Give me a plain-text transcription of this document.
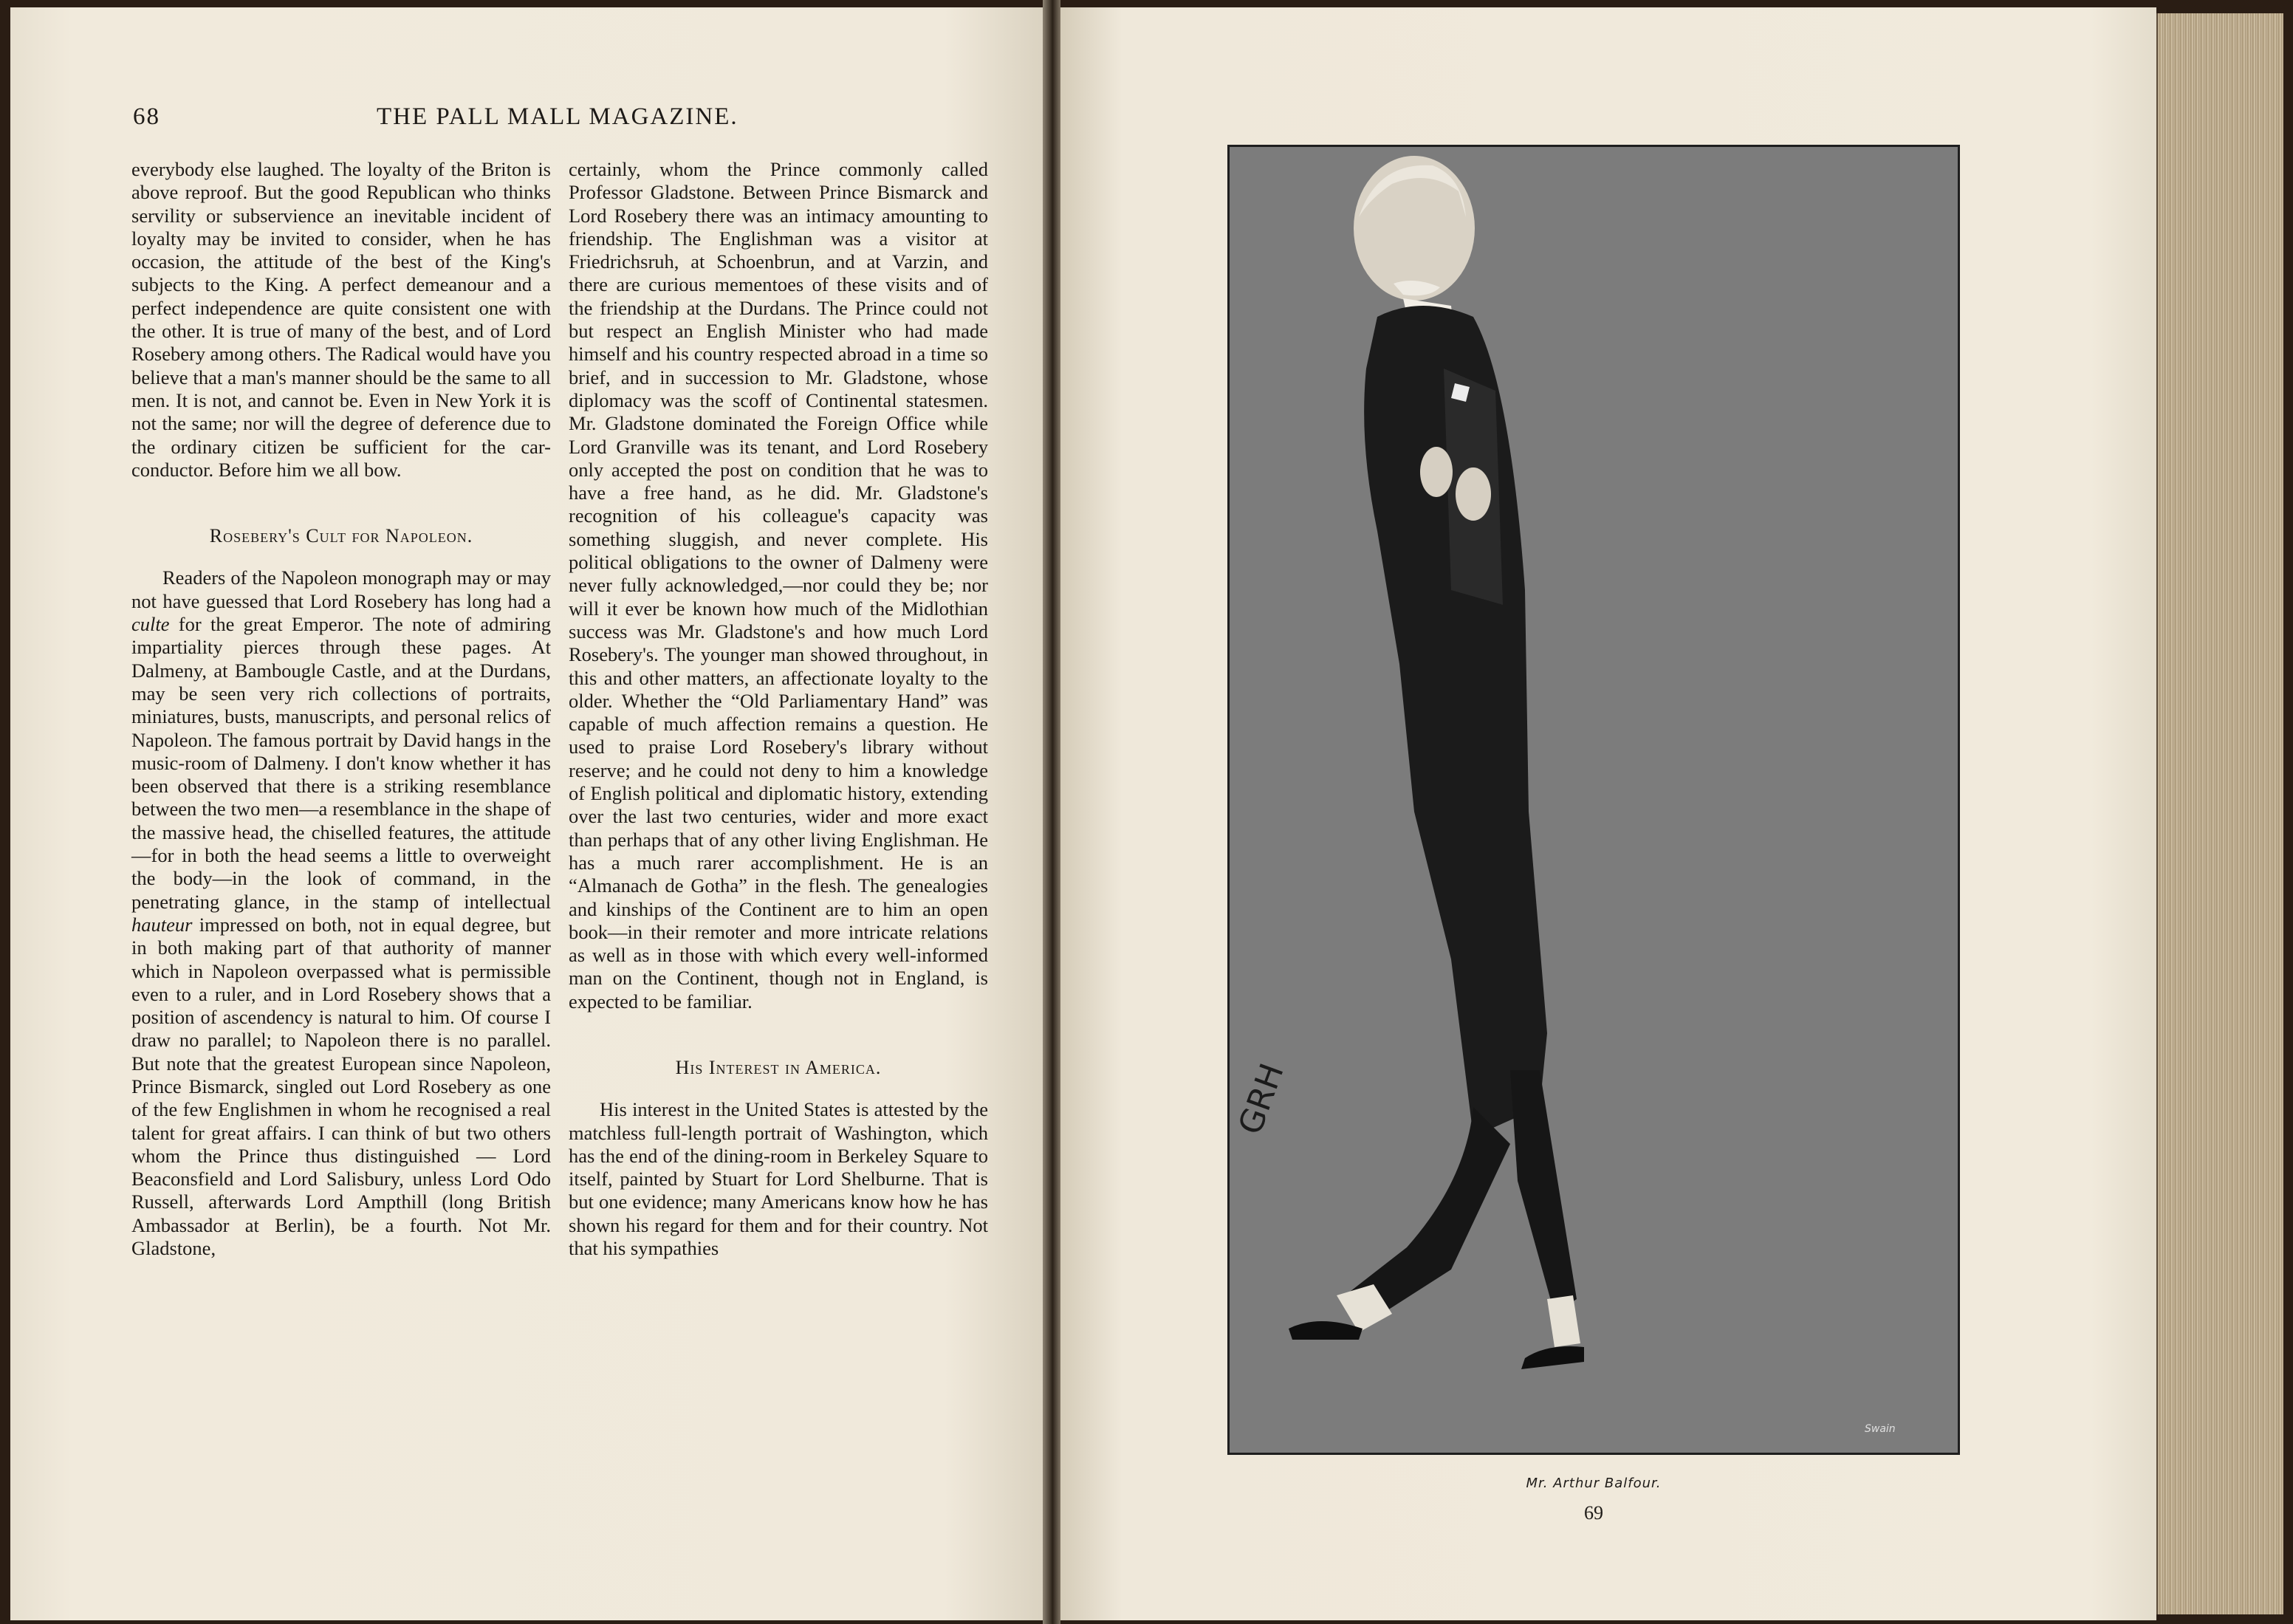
68	THE PALL MALL MAGAZINE.

everybody else laughed. The loyalty of the Briton is above reproof. But the good Republican who thinks servility or subservience an inevitable incident of loyalty may be invited to consider, when he has occasion, the attitude of the best of the King's subjects to the King. A perfect demeanour and a perfect independence are quite consistent one with the other. It is true of many of the best, and of Lord Rosebery among others. The Radical would have you believe that a man's manner should be the same to all men. It is not, and cannot be. Even in New York it is not the same; nor will the degree of deference due to the ordinary citizen be sufficient for the car-conductor. Before him we all bow.

Rosebery's Cult for Napoleon.

Readers of the Napoleon monograph may or may not have guessed that Lord Rosebery has long had a culte for the great Emperor. The note of admiring impartiality pierces through these pages. At Dalmeny, at Bambougle Castle, and at the Durdans, may be seen very rich collections of portraits, miniatures, busts, manuscripts, and personal relics of Napoleon. The famous portrait by David hangs in the music-room of Dalmeny. I don't know whether it has been observed that there is a striking resemblance between the two men—a resemblance in the shape of the massive head, the chiselled features, the attitude—for in both the head seems a little to overweight the body—in the look of command, in the penetrating glance, in the stamp of intellectual hauteur impressed on both, not in equal degree, but in both making part of that authority of manner which in Napoleon overpassed what is permissible even to a ruler, and in Lord Rosebery shows that a position of ascendency is natural to him. Of course I draw no parallel; to Napoleon there is no parallel. But note that the greatest European since Napoleon, Prince Bismarck, singled out Lord Rosebery as one of the few Englishmen in whom he recognised a real talent for great affairs. I can think of but two others whom the Prince thus distinguished — Lord Beaconsfield and Lord Salisbury, unless Lord Odo Russell, afterwards Lord Ampthill (long British Ambassador at Berlin), be a fourth. Not Mr. Gladstone,

certainly, whom the Prince commonly called Professor Gladstone. Between Prince Bismarck and Lord Rosebery there was an intimacy amounting to friendship. The Englishman was a visitor at Friedrichsruh, at Schoenbrun, and at Varzin, and there are curious mementoes of these visits and of the friendship at the Durdans. The Prince could not but respect an English Minister who had made himself and his country respected abroad in a time so brief, and in succession to Mr. Gladstone, whose diplomacy was the scoff of Continental statesmen. Mr. Gladstone dominated the Foreign Office while Lord Granville was its tenant, and Lord Rosebery only accepted the post on condition that he was to have a free hand, as he did. Mr. Gladstone's recognition of his colleague's capacity was something sluggish, and never complete. His political obligations to the owner of Dalmeny were never fully acknowledged,—nor could they be; nor will it ever be known how much of the Midlothian success was Mr. Gladstone's and how much Lord Rosebery's. The younger man showed throughout, in this and other matters, an affectionate loyalty to the older. Whether the “Old Parliamentary Hand” was capable of much affection remains a question. He used to praise Lord Rosebery's library without reserve; and he could not deny to him a knowledge of English political and diplomatic history, extending over the last two centuries, wider and more exact than perhaps that of any other living Englishman. He has a much rarer accomplishment. He is an “Almanach de Gotha” in the flesh. The genealogies and kinships of the Continent are to him an open book—in their remoter and more intricate relations as well as in those with which every well-informed man on the Continent, though not in England, is expected to be familiar.

His Interest in America.

His interest in the United States is attested by the matchless full-length portrait of Washington, which has the end of the dining-room in Berkeley Square to itself, painted by Stuart for Lord Shelburne. That is but one evidence; many Americans know how he has shown his regard for them and for their country. Not that his sympathies

GRH
Swain
Mr. Arthur Balfour.
69
